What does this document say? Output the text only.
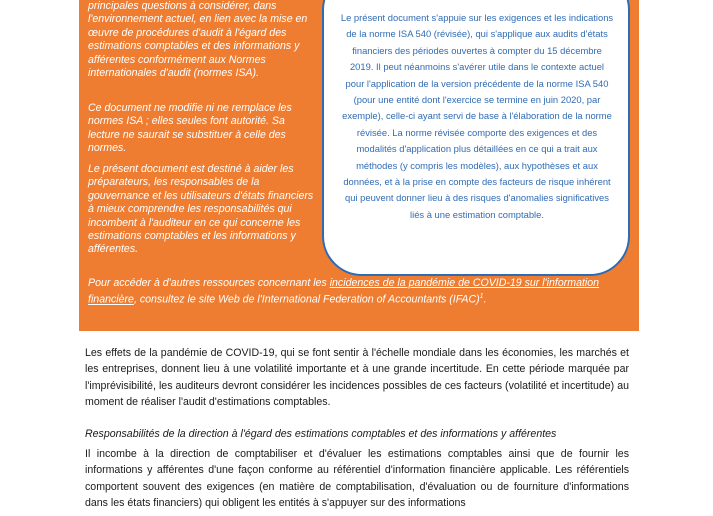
principales questions à considérer, dans l'environnement actuel, en lien avec la mise en œuvre de procédures d'audit à l'égard des estimations comptables et des informations y afférentes conformément aux Normes internationales d'audit (normes ISA).

Ce document ne modifie ni ne remplace les normes ISA ; elles seules font autorité. Sa lecture ne saurait se substituer à celle des normes.

Le présent document est destiné à aider les préparateurs, les responsables de la gouvernance et les utilisateurs d'états financiers à mieux comprendre les responsabilités qui incombent à l'auditeur en ce qui concerne les estimations comptables et les informations y afférentes.

Pour accéder à d'autres ressources concernant les incidences de la pandémie de COVID-19 sur l'information financière, consultez le site Web de l'International Federation of Accountants (IFAC)$^1$.

Le présent document s'appuie sur les exigences et les indications de la norme ISA 540 (révisée), qui s'applique aux audits d'états financiers des périodes ouvertes à compter du 15 décembre 2019. Il peut néanmoins s'avérer utile dans le contexte actuel pour l'application de la version précédente de la norme ISA 540 (pour une entité dont l'exercice se termine en juin 2020, par exemple), celle-ci ayant servi de base à l'élaboration de la norme révisée. La norme révisée comporte des exigences et des modalités d'application plus détaillées en ce qui a trait aux méthodes (y compris les modèles), aux hypothèses et aux données, et à la prise en compte des facteurs de risque inhérent qui peuvent donner lieu à des risques d'anomalies significatives liés à une estimation comptable.

Les effets de la pandémie de COVID-19, qui se font sentir à l'échelle mondiale dans les économies, les marchés et les entreprises, donnent lieu à une volatilité importante et à une grande incertitude. En cette période marquée par l'imprévisibilité, les auditeurs devront considérer les incidences possibles de ces facteurs (volatilité et incertitude) au moment de réaliser l'audit d'estimations comptables.

Responsabilités de la direction à l'égard des estimations comptables et des informations y afférentes

Il incombe à la direction de comptabiliser et d'évaluer les estimations comptables ainsi que de fournir les informations y afférentes d'une façon conforme au référentiel d'information financière applicable. Les référentiels comportent souvent des exigences (en matière de comptabilisation, d'évaluation ou de fourniture d'informations dans les états financiers) qui obligent les entités à s'appuyer sur des informations
